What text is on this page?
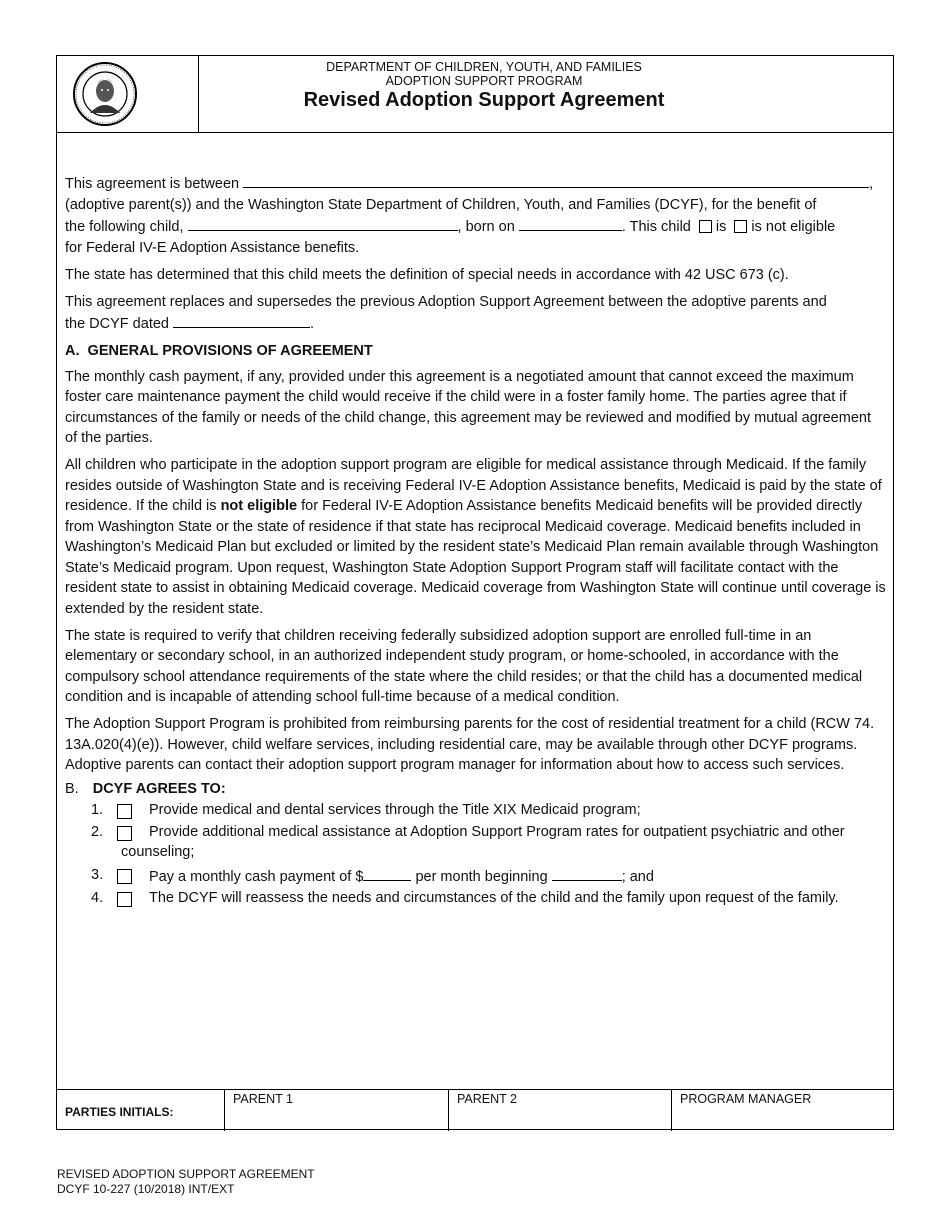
DEPARTMENT OF CHILDREN, YOUTH, AND FAMILIES
ADOPTION SUPPORT PROGRAM
Revised Adoption Support Agreement

This agreement is between	,
(adoptive parent(s)) and the Washington State Department of Children, Youth, and Families (DCYF), for the benefit of
the following child,	, born on	. This child is is not eligible
for Federal IV-E Adoption Assistance benefits.

The state has determined that this child meets the definition of special needs in accordance with 42 USC 673 (c).

This agreement replaces and supersedes the previous Adoption Support Agreement between the adoptive parents and
the DCYF dated	.

A.  GENERAL PROVISIONS OF AGREEMENT

The monthly cash payment, if any, provided under this agreement is a negotiated amount that cannot exceed the maximum foster care maintenance payment the child would receive if the child were in a foster family home. The parties agree that if circumstances of the family or needs of the child change, this agreement may be reviewed and modified by mutual agreement of the parties.

All children who participate in the adoption support program are eligible for medical assistance through Medicaid. If the family resides outside of Washington State and is receiving Federal IV-E Adoption Assistance benefits, Medicaid is paid by the state of residence. If the child is not eligible for Federal IV-E Adoption Assistance benefits Medicaid benefits will be provided directly from Washington State or the state of residence if that state has reciprocal Medicaid coverage. Medicaid benefits included in Washington’s Medicaid Plan but excluded or limited by the resident state’s Medicaid Plan remain available through Washington State’s Medicaid program. Upon request, Washington State Adoption Support Program staff will facilitate contact with the resident state to assist in obtaining Medicaid coverage. Medicaid coverage from Washington State will continue until coverage is extended by the resident state.

The state is required to verify that children receiving federally subsidized adoption support are enrolled full-time in an elementary or secondary school, in an authorized independent study program, or home-schooled, in accordance with the compulsory school attendance requirements of the state where the child resides; or that the child has a documented medical condition and is incapable of attending school full-time because of a medical condition.

The Adoption Support Program is prohibited from reimbursing parents for the cost of residential treatment for a child (RCW 74. 13A.020(4)(e)). However, child welfare services, including residential care, may be available through other DCYF programs. Adoptive parents can contact their adoption support program manager for information about how to access such services.

B. DCYF AGREES TO:
1.	Provide medical and dental services through the Title XIX Medicaid program;
2.	Provide additional medical assistance at Adoption Support Program rates for outpatient psychiatric and other counseling;
3.	Pay a monthly cash payment of $	per month beginning	; and
4.	The DCYF will reassess the needs and circumstances of the child and the family upon request of the family.
PARTIES INITIALS:
PARENT 1	PARENT 2	PROGRAM MANAGER
REVISED ADOPTION SUPPORT AGREEMENT
DCYF 10-227 (10/2018) INT/EXT
